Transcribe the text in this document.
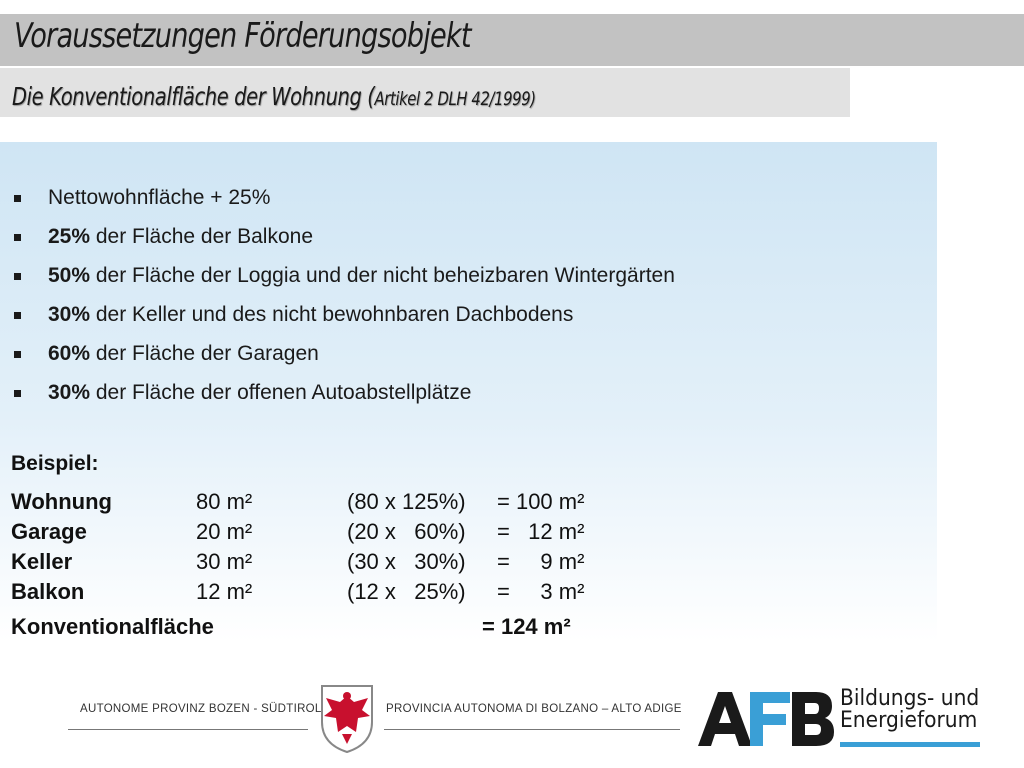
Voraussetzungen Förderungsobjekt
Die Konventionalfläche der Wohnung (Artikel 2 DLH 42/1999)
Nettowohnfläche + 25%
25% der Fläche der Balkone
50% der Fläche der Loggia und der nicht beheizbaren Wintergärten
30% der Keller und des nicht bewohnbaren Dachbodens
60% der Fläche der Garagen
30% der Fläche der offenen Autoabstellplätze
Beispiel:
Wohnung	80 m²	(80 x 125%) = 100 m²
Garage	20 m²	(20 x   60%) =   12 m²
Keller	30 m²	(30 x   30%) =     9 m²
Balkon	12 m²	(12 x   25%) =     3 m²
Konventionalfläche	= 124 m²
AUTONOME PROVINZ BOZEN - SÜDTIROL	PROVINCIA AUTONOMA DI BOLZANO – ALTO ADIGE	Bildungs- und
Energieforum
